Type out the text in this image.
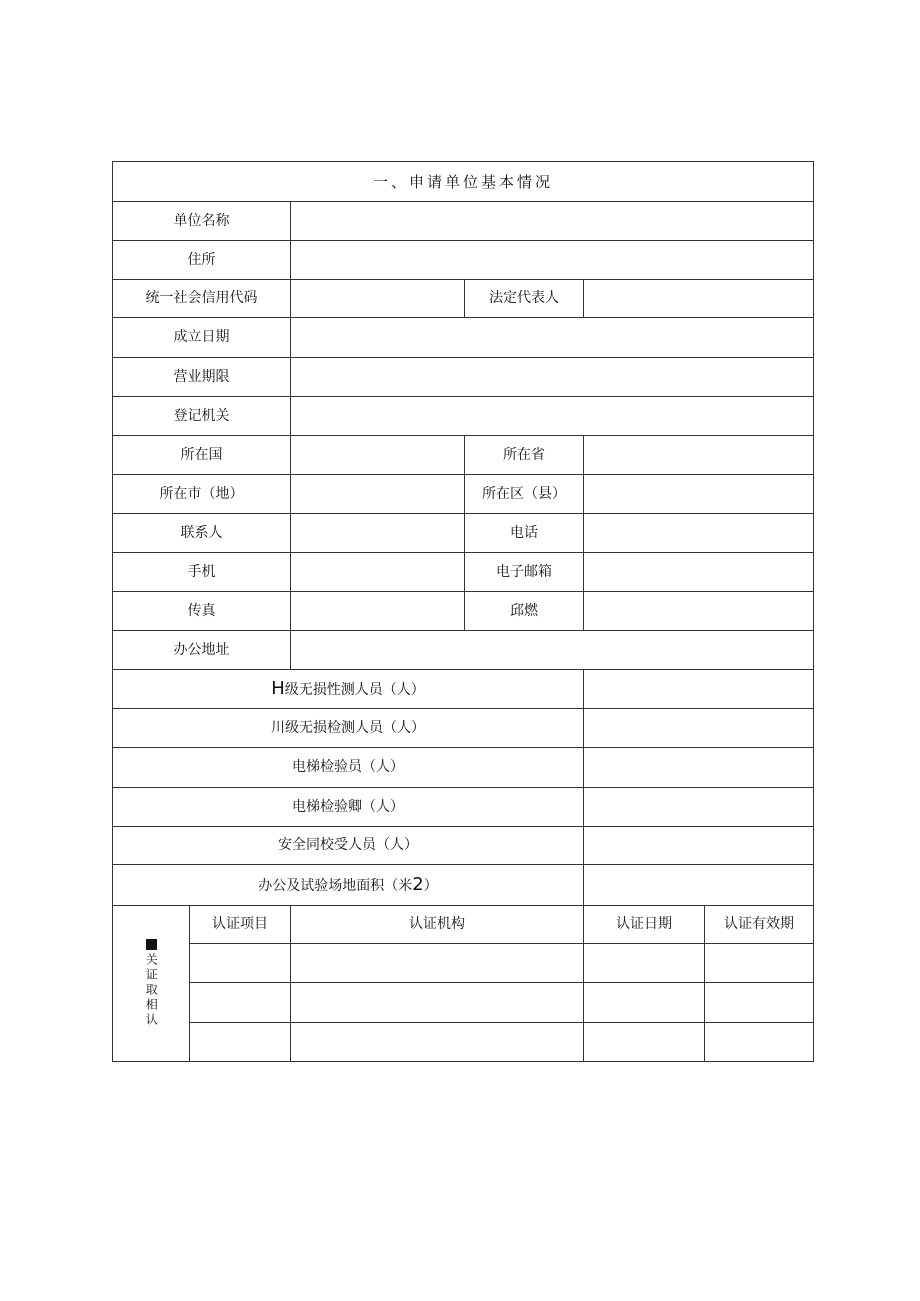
一、申请单位基本情况					
单位名称					
住所					
统一社会信用代码			法定代表人		
成立日期					
营业期限					
登记机关					
所在国			所在省		
所在市（地）			所在区（县）		
联系人			电话		
手机			电子邮箱		
传真			邱燃		
办公地址					
H级无损性测人员（人）					
川级无损检测人员（人）					
电梯检验员（人）					
电梯检验卿（人）					
安全同校受人员（人）					
办公及试验场地面积（米2）					

关证取相认	认证项目	认证机构		认证日期	认证有效期
